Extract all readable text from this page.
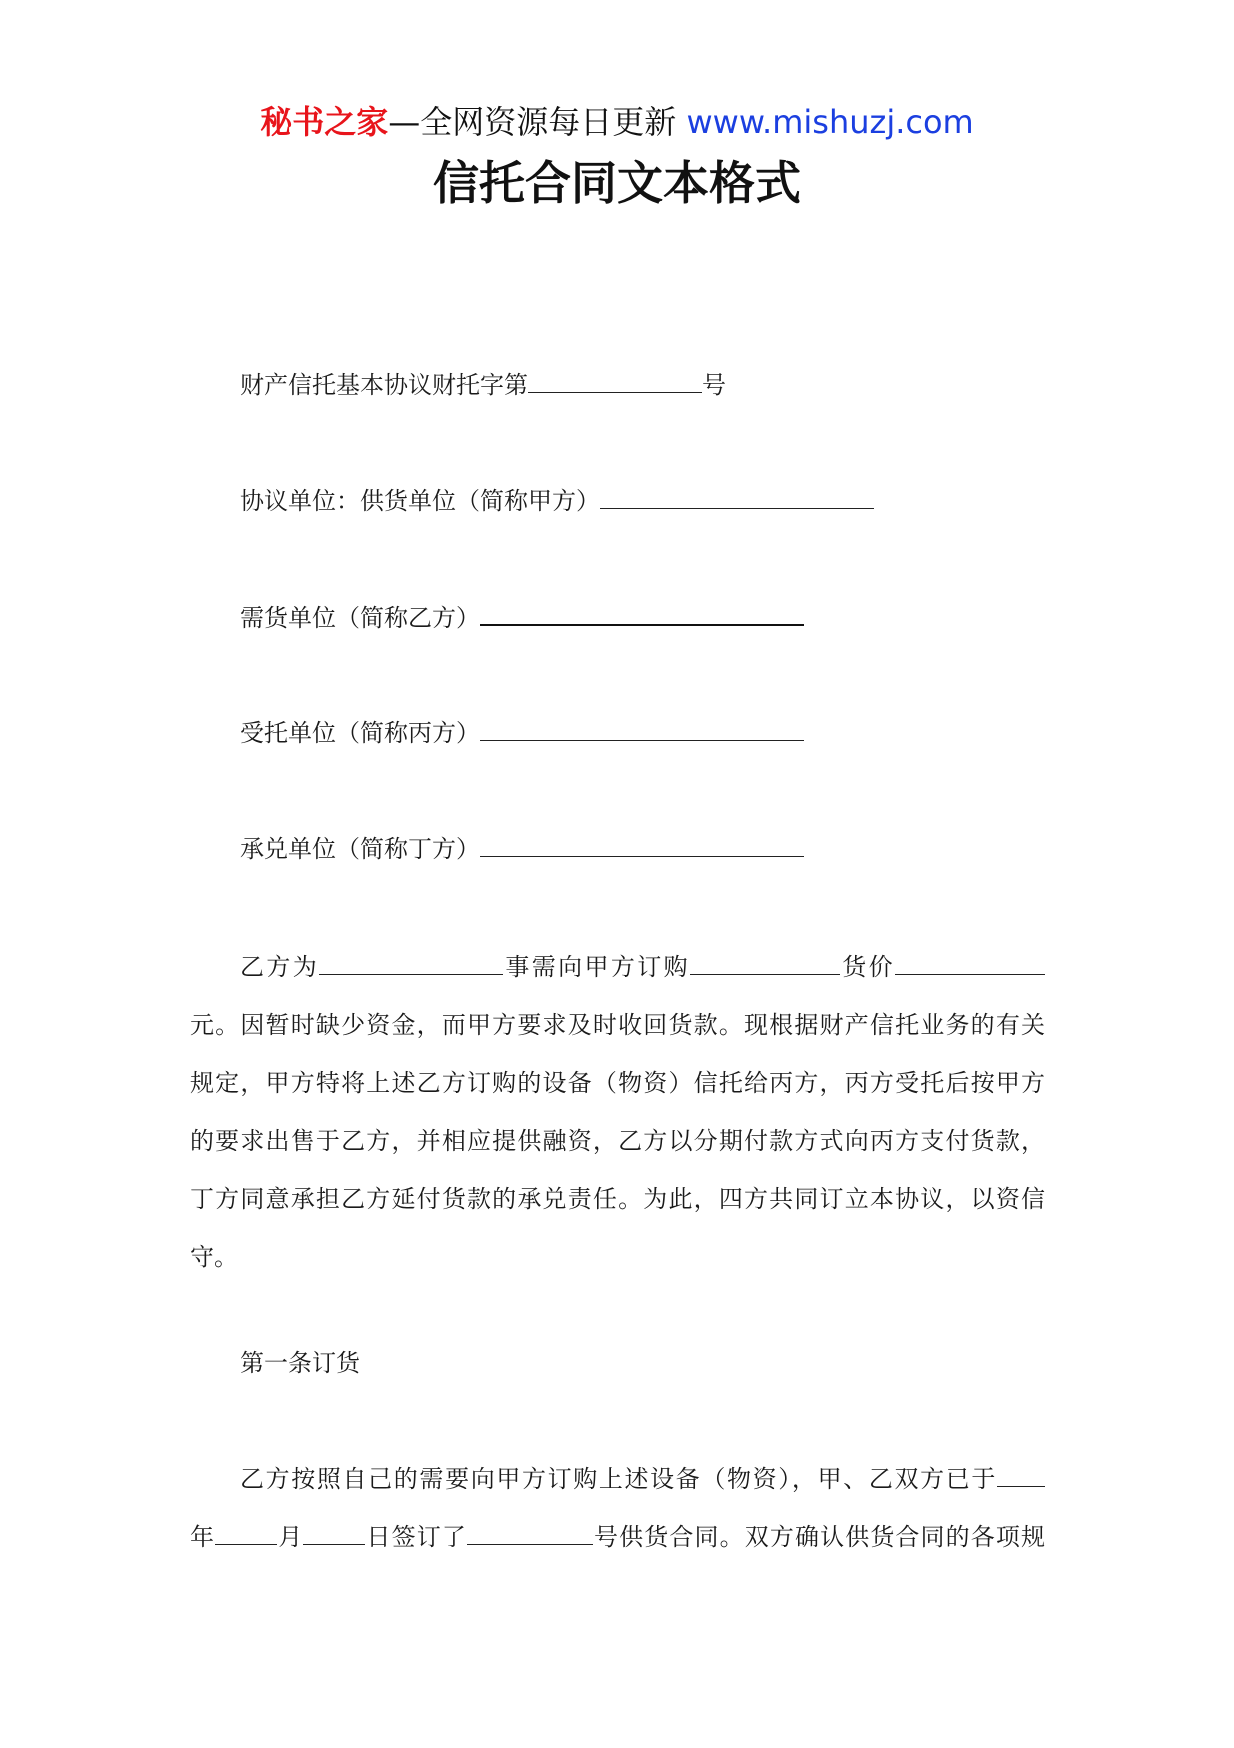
秘书之家—全网资源每日更新 www.mishuzj.com
信托合同文本格式
财产信托基本协议财托字第	号
协议单位：供货单位（简称甲方）
需货单位（简称乙方）
受托单位（简称丙方）
承兑单位（简称丁方）

乙方为	事需向甲方订购	货价
元。因暂时缺少资金，而甲方要求及时收回货款。现根据财产信托业务的有关
规定，甲方特将上述乙方订购的设备（物资）信托给丙方，丙方受托后按甲方
的要求出售于乙方，并相应提供融资，乙方以分期付款方式向丙方支付货款，
丁方同意承担乙方延付货款的承兑责任。为此，四方共同订立本协议，以资信
守。

第一条订货

乙方按照自己的需要向甲方订购上述设备（物资），甲、乙双方已于
年	月	日签订了	号供货合同。双方确认供货合同的各项规
